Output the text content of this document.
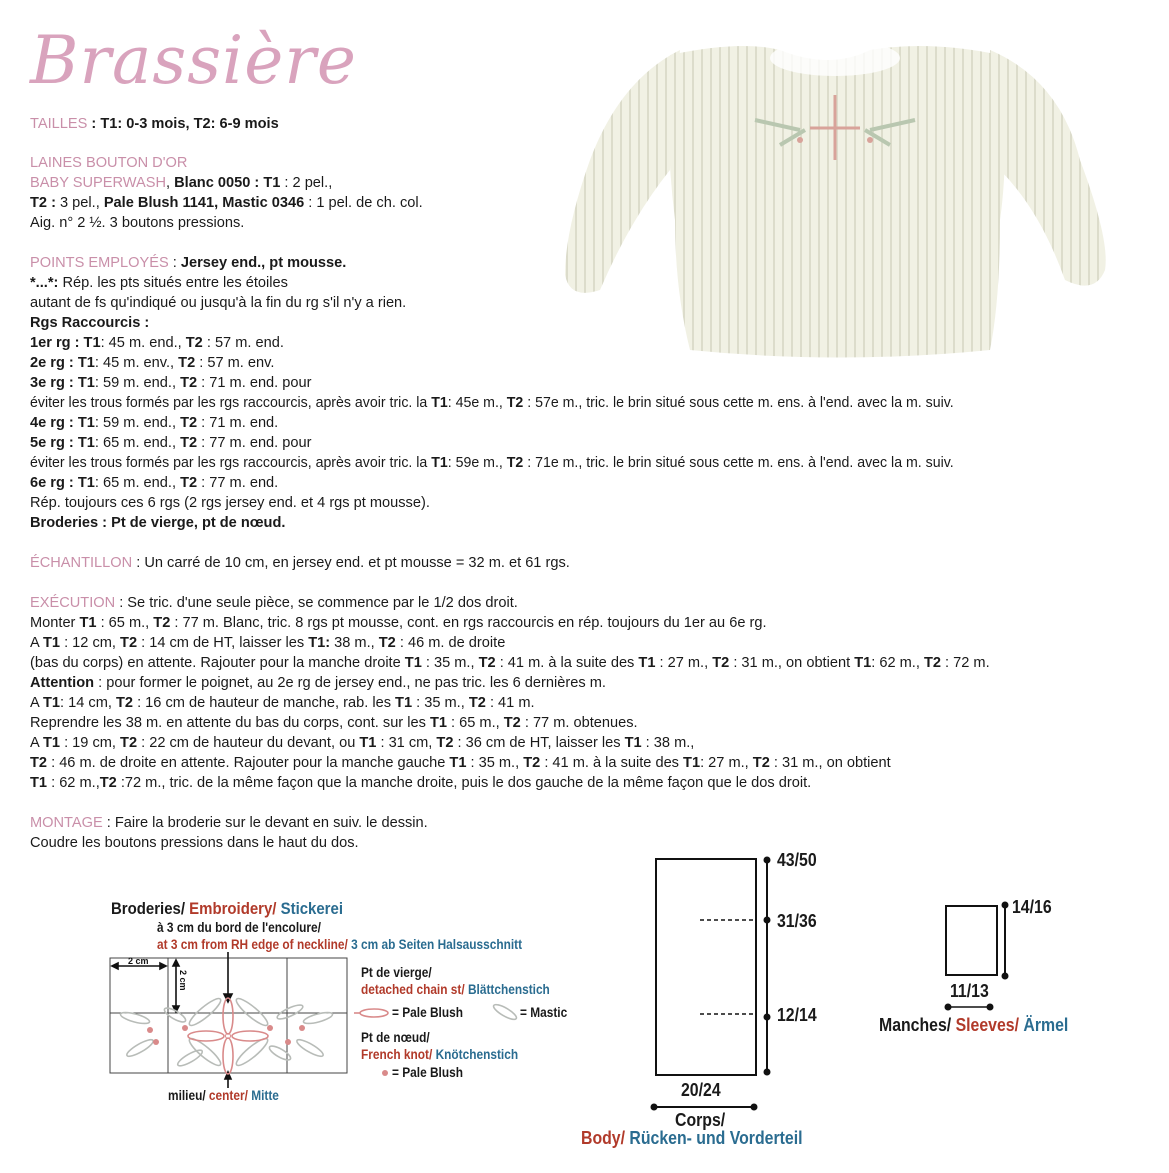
Brassière
TAILLES : T1: 0-3 mois, T2: 6-9 mois
LAINES BOUTON D'OR
BABY SUPERWASH, Blanc 0050 : T1 : 2 pel.,
T2 : 3 pel., Pale Blush 1141, Mastic 0346 : 1 pel. de ch. col.
Aig. n° 2 ½. 3 boutons pressions.
POINTS EMPLOYÉS : Jersey end., pt mousse.
*...*: Rép. les pts situés entre les étoiles
autant de fs qu'indiqué ou jusqu'à la fin du rg s'il n'y a rien.
Rgs Raccourcis :
Rép. toujours ces 6 rgs (2 rgs jersey end. et 4 rgs pt mousse).
Broderies : Pt de vierge, pt de nœud.
ÉCHANTILLON : Un carré de 10 cm, en jersey end. et pt mousse = 32 m. et 61 rgs.
MONTAGE : Faire la broderie sur le devant en suiv. le dessin.
Coudre les boutons pressions dans le haut du dos.
Broderies/ Embroidery/ Stickerei
à 3 cm du bord de l'encolure/
at 3 cm from RH edge of neckline/ 3 cm ab Seiten Halsausschnitt
2 cm
2 cm	Pt de vierge/
detached chain st/ Blättchenstich
= Pale Blush	= Mastic
Pt de nœud/
French knot/ Knötchenstich
= Pale Blush
milieu/ center/ Mitte
43/50
31/36
12/14
20/24
Corps/
Body/ Rücken- und Vorderteil
14/16
11/13
Manches/ Sleeves/ Ärmel
1er rg : T1: 45 m. end., T2 : 57 m. end.
2e rg : T1: 45 m. env., T2 : 57 m. env.
3e rg : T1: 59 m. end., T2 : 71 m. end. pour
éviter les trous formés par les rgs raccourcis, après avoir tric. la T1: 45e m., T2 : 57e m., tric. le brin situé sous cette m. ens. à l'end. avec la m. suiv.
4e rg : T1: 59 m. end., T2 : 71 m. end.
5e rg : T1: 65 m. end., T2 : 77 m. end. pour
éviter les trous formés par les rgs raccourcis, après avoir tric. la T1: 59e m., T2 : 71e m., tric. le brin situé sous cette m. ens. à l'end. avec la m. suiv.
6e rg : T1: 65 m. end., T2 : 77 m. end.
EXÉCUTION : Se tric. d'une seule pièce, se commence par le 1/2 dos droit.
Monter T1 : 65 m., T2 : 77 m. Blanc, tric. 8 rgs pt mousse, cont. en rgs raccourcis en rép. toujours du 1er au 6e rg.
A T1 : 12 cm, T2 : 14 cm de HT, laisser les T1: 38 m., T2 : 46 m. de droite
(bas du corps) en attente. Rajouter pour la manche droite T1 : 35 m., T2 : 41 m. à la suite des T1 : 27 m., T2 : 31 m., on obtient T1: 62 m., T2 : 72 m.
Attention : pour former le poignet, au 2e rg de jersey end., ne pas tric. les 6 dernières m.
A T1: 14 cm, T2 : 16 cm de hauteur de manche, rab. les T1 : 35 m., T2 : 41 m.
Reprendre les 38 m. en attente du bas du corps, cont. sur les T1 : 65 m., T2 : 77 m. obtenues.
A T1 : 19 cm, T2 : 22 cm de hauteur du devant, ou T1 : 31 cm, T2 : 36 cm de HT, laisser les T1 : 38 m.,
T2 : 46 m. de droite en attente. Rajouter pour la manche gauche T1 : 35 m., T2 : 41 m. à la suite des T1: 27 m., T2 : 31 m., on obtient
T1 : 62 m.,T2 :72 m., tric. de la même façon que la manche droite, puis le dos gauche de la même façon que le dos droit.
